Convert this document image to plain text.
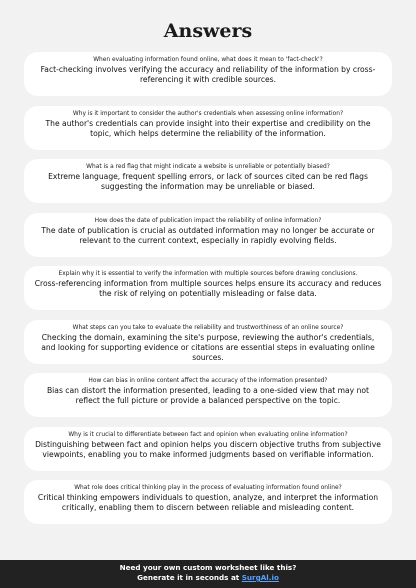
Answers
When evaluating information found online, what does it mean to 'fact-check'?
Fact-checking involves verifying the accuracy and reliability of the information by cross-referencing it with credible sources.
Why is it important to consider the author's credentials when assessing online information?
The author's credentials can provide insight into their expertise and credibility on the topic, which helps determine the reliability of the information.
What is a red flag that might indicate a website is unreliable or potentially biased?
Extreme language, frequent spelling errors, or lack of sources cited can be red flags suggesting the information may be unreliable or biased.
How does the date of publication impact the reliability of online information?
The date of publication is crucial as outdated information may no longer be accurate or relevant to the current context, especially in rapidly evolving fields.
Explain why it is essential to verify the information with multiple sources before drawing conclusions.
Cross-referencing information from multiple sources helps ensure its accuracy and reduces the risk of relying on potentially misleading or false data.
What steps can you take to evaluate the reliability and trustworthiness of an online source?
Checking the domain, examining the site's purpose, reviewing the author's credentials, and looking for supporting evidence or citations are essential steps in evaluating online sources.
How can bias in online content affect the accuracy of the information presented?
Bias can distort the information presented, leading to a one-sided view that may not reflect the full picture or provide a balanced perspective on the topic.
Why is it crucial to differentiate between fact and opinion when evaluating online information?
Distinguishing between fact and opinion helps you discern objective truths from subjective viewpoints, enabling you to make informed judgments based on verifiable information.
What role does critical thinking play in the process of evaluating information found online?
Critical thinking empowers individuals to question, analyze, and interpret the information critically, enabling them to discern between reliable and misleading content.
Need your own custom worksheet like this?
Generate it in seconds at SurgAl.io
